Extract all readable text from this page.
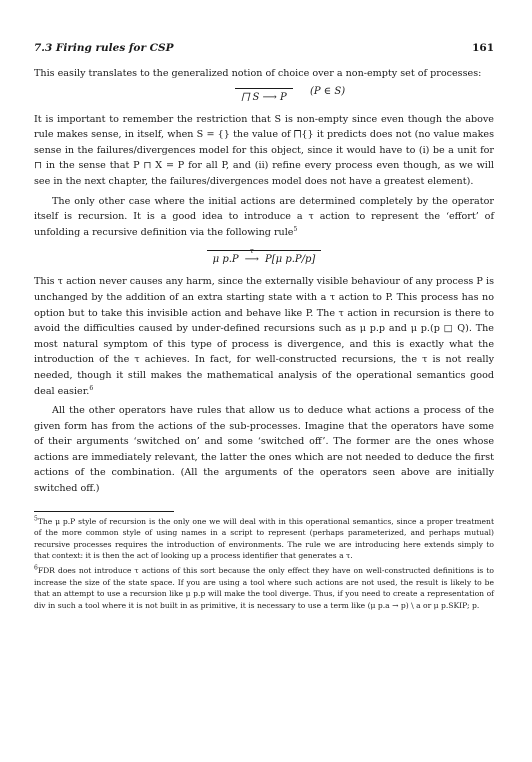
7.3 Firing rules for CSP	161

This easily translates to the generalized notion of choice over a non-empty set of processes:

⨅ S ⟶ P
(P ∈ S)

It is important to remember the restriction that S is non-empty since even though the above rule makes sense, in itself, when S = {} the value of ⨅{} it predicts does not (no value makes sense in the failures/divergences model for this object, since it would have to (i) be a unit for ⊓ in the sense that P ⊓ X = P for all P, and (ii) refine every process even though, as we will see in the next chapter, the failures/divergences model does not have a greatest element).

The only other case where the initial actions are determined completely by the operator itself is recursion. It is a good idea to introduce a τ action to represent the ‘effort’ of unfolding a recursive definition via the following rule$^5$

μ p.P
τ
⟶ P[μ p.P/p]

This τ action never causes any harm, since the externally visible behaviour of any process P is unchanged by the addition of an extra starting state with a τ action to P. This process has no option but to take this invisible action and behave like P. The τ action in recursion is there to avoid the difficulties caused by under-defined recursions such as μ p.p and μ p.(p □ Q). The most natural symptom of this type of process is divergence, and this is exactly what the introduction of the τ achieves. In fact, for well-constructed recursions, the τ is not really needed, though it still makes the mathematical analysis of the operational semantics good deal easier.$^6$

All the other operators have rules that allow us to deduce what actions a process of the given form has from the actions of the sub-processes. Imagine that the operators have some of their arguments ‘switched on’ and some ‘switched off’. The former are the ones whose actions are immediately relevant, the latter the ones which are not needed to deduce the first actions of the combination. (All the arguments of the operators seen above are initially switched off.)

$^5$The μ p.P style of recursion is the only one we will deal with in this operational semantics, since a proper treatment of the more common style of using names in a script to represent (perhaps parameterized, and perhaps mutual) recursive processes requires the introduction of environments. The rule we are introducing here extends simply to that context: it is then the act of looking up a process identifier that generates a τ.

$^6$FDR does not introduce τ actions of this sort because the only effect they have on well-constructed definitions is to increase the size of the state space. If you are using a tool where such actions are not used, the result is likely to be that an attempt to use a recursion like μ p.p will make the tool diverge. Thus, if you need to create a representation of div in such a tool where it is not built in as primitive, it is necessary to use a term like (μ p.a → p) \ a or μ p.SKIP; p.
